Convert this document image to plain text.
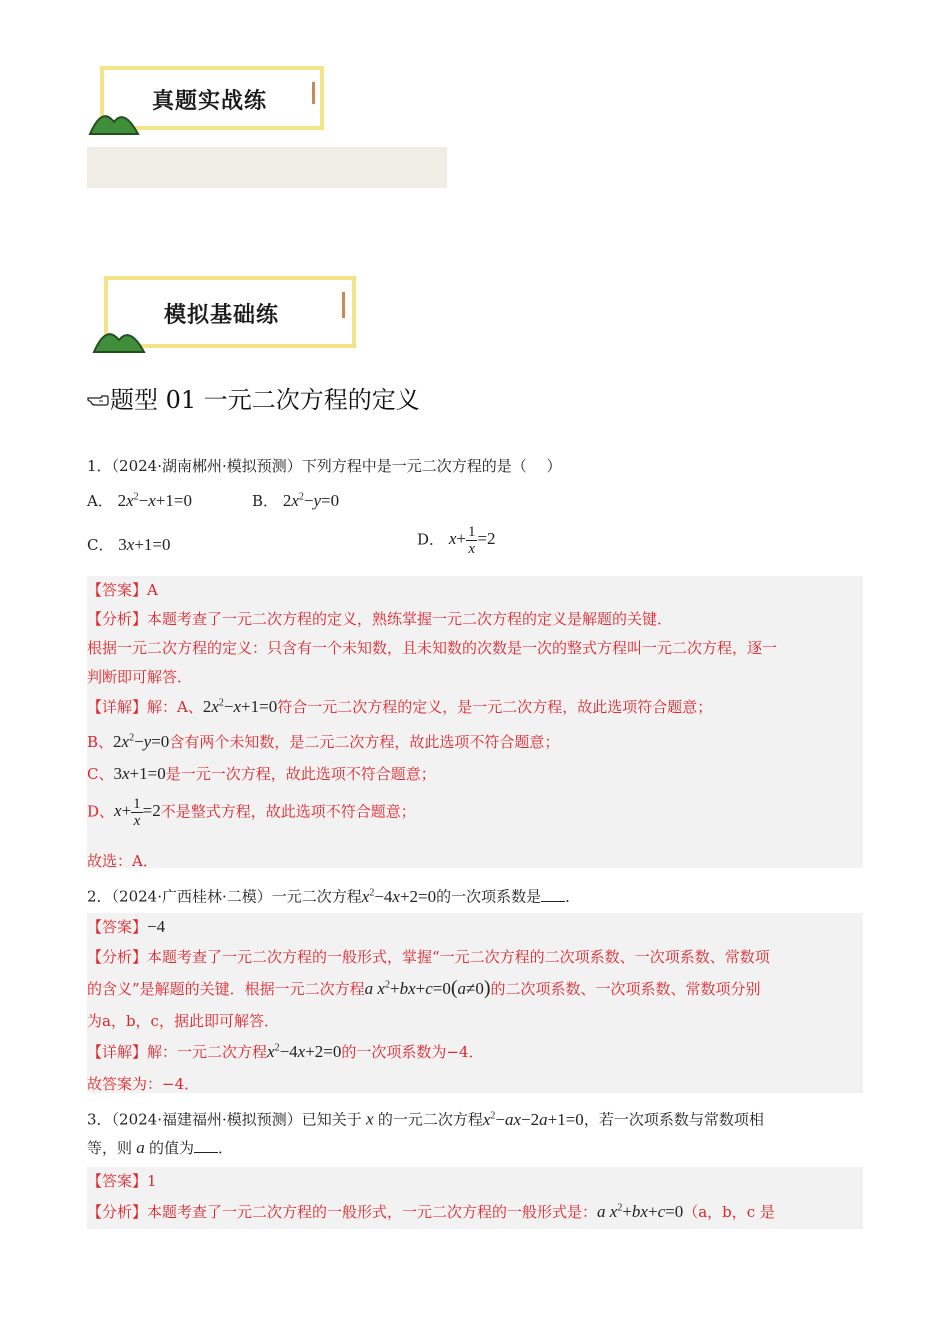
真题实战练
模拟基础练
题型 01 一元二次方程的定义
1．（2024·湖南郴州·模拟预测）下列方程中是一元二次方程的是（　 ）
A． $2x^2-x+1=0$	B． $2x^2-y=0$
C． 3x+1=0	D． $x+ \frac{1}{x} =2$
【答案】A
【分析】本题考查了一元二次方程的定义，熟练掌握一元二次方程的定义是解题的关键．
根据一元二次方程的定义：只含有一个未知数，且未知数的次数是一次的整式方程叫一元二次方程，逐一
判断即可解答．
【详解】解：A、$2x^2-x+1=0$符合一元二次方程的定义，是一元二次方程，故此选项符合题意；
B、$2x^2-y=0$含有两个未知数，是二元二次方程，故此选项不符合题意；
C、3x+1=0是一元一次方程，故此选项不符合题意；
D、$x+ \frac{1}{x} =2$不是整式方程，故此选项不符合题意；
故选：A．
2．（2024·广西桂林·二模）一元二次方程$x^2-4x+2=0$的一次项系数是 ．
【答案】−4
【分析】本题考查了一元二次方程的一般形式，掌握“一元二次方程的二次项系数、一次项系数、常数项
的含义”是解题的关键．根据一元二次方程a $x^2+bx+c=0(a\ne 0)$的二次项系数、一次项系数、常数项分别
为a，b，c，据此即可解答．
【详解】解：一元二次方程$x^2-4x+2=0$的一次项系数为−4．
故答案为：−4．
3．（2024·福建福州·模拟预测）已知关于 x 的一元二次方程$x^2-ax-2a+1=0$，若一次项系数与常数项相
等，则 a 的值为 ．
【答案】1
【分析】本题考查了一元二次方程的一般形式，一元二次方程的一般形式是：a $x^2+bx+c=0(a$，b，c 是
